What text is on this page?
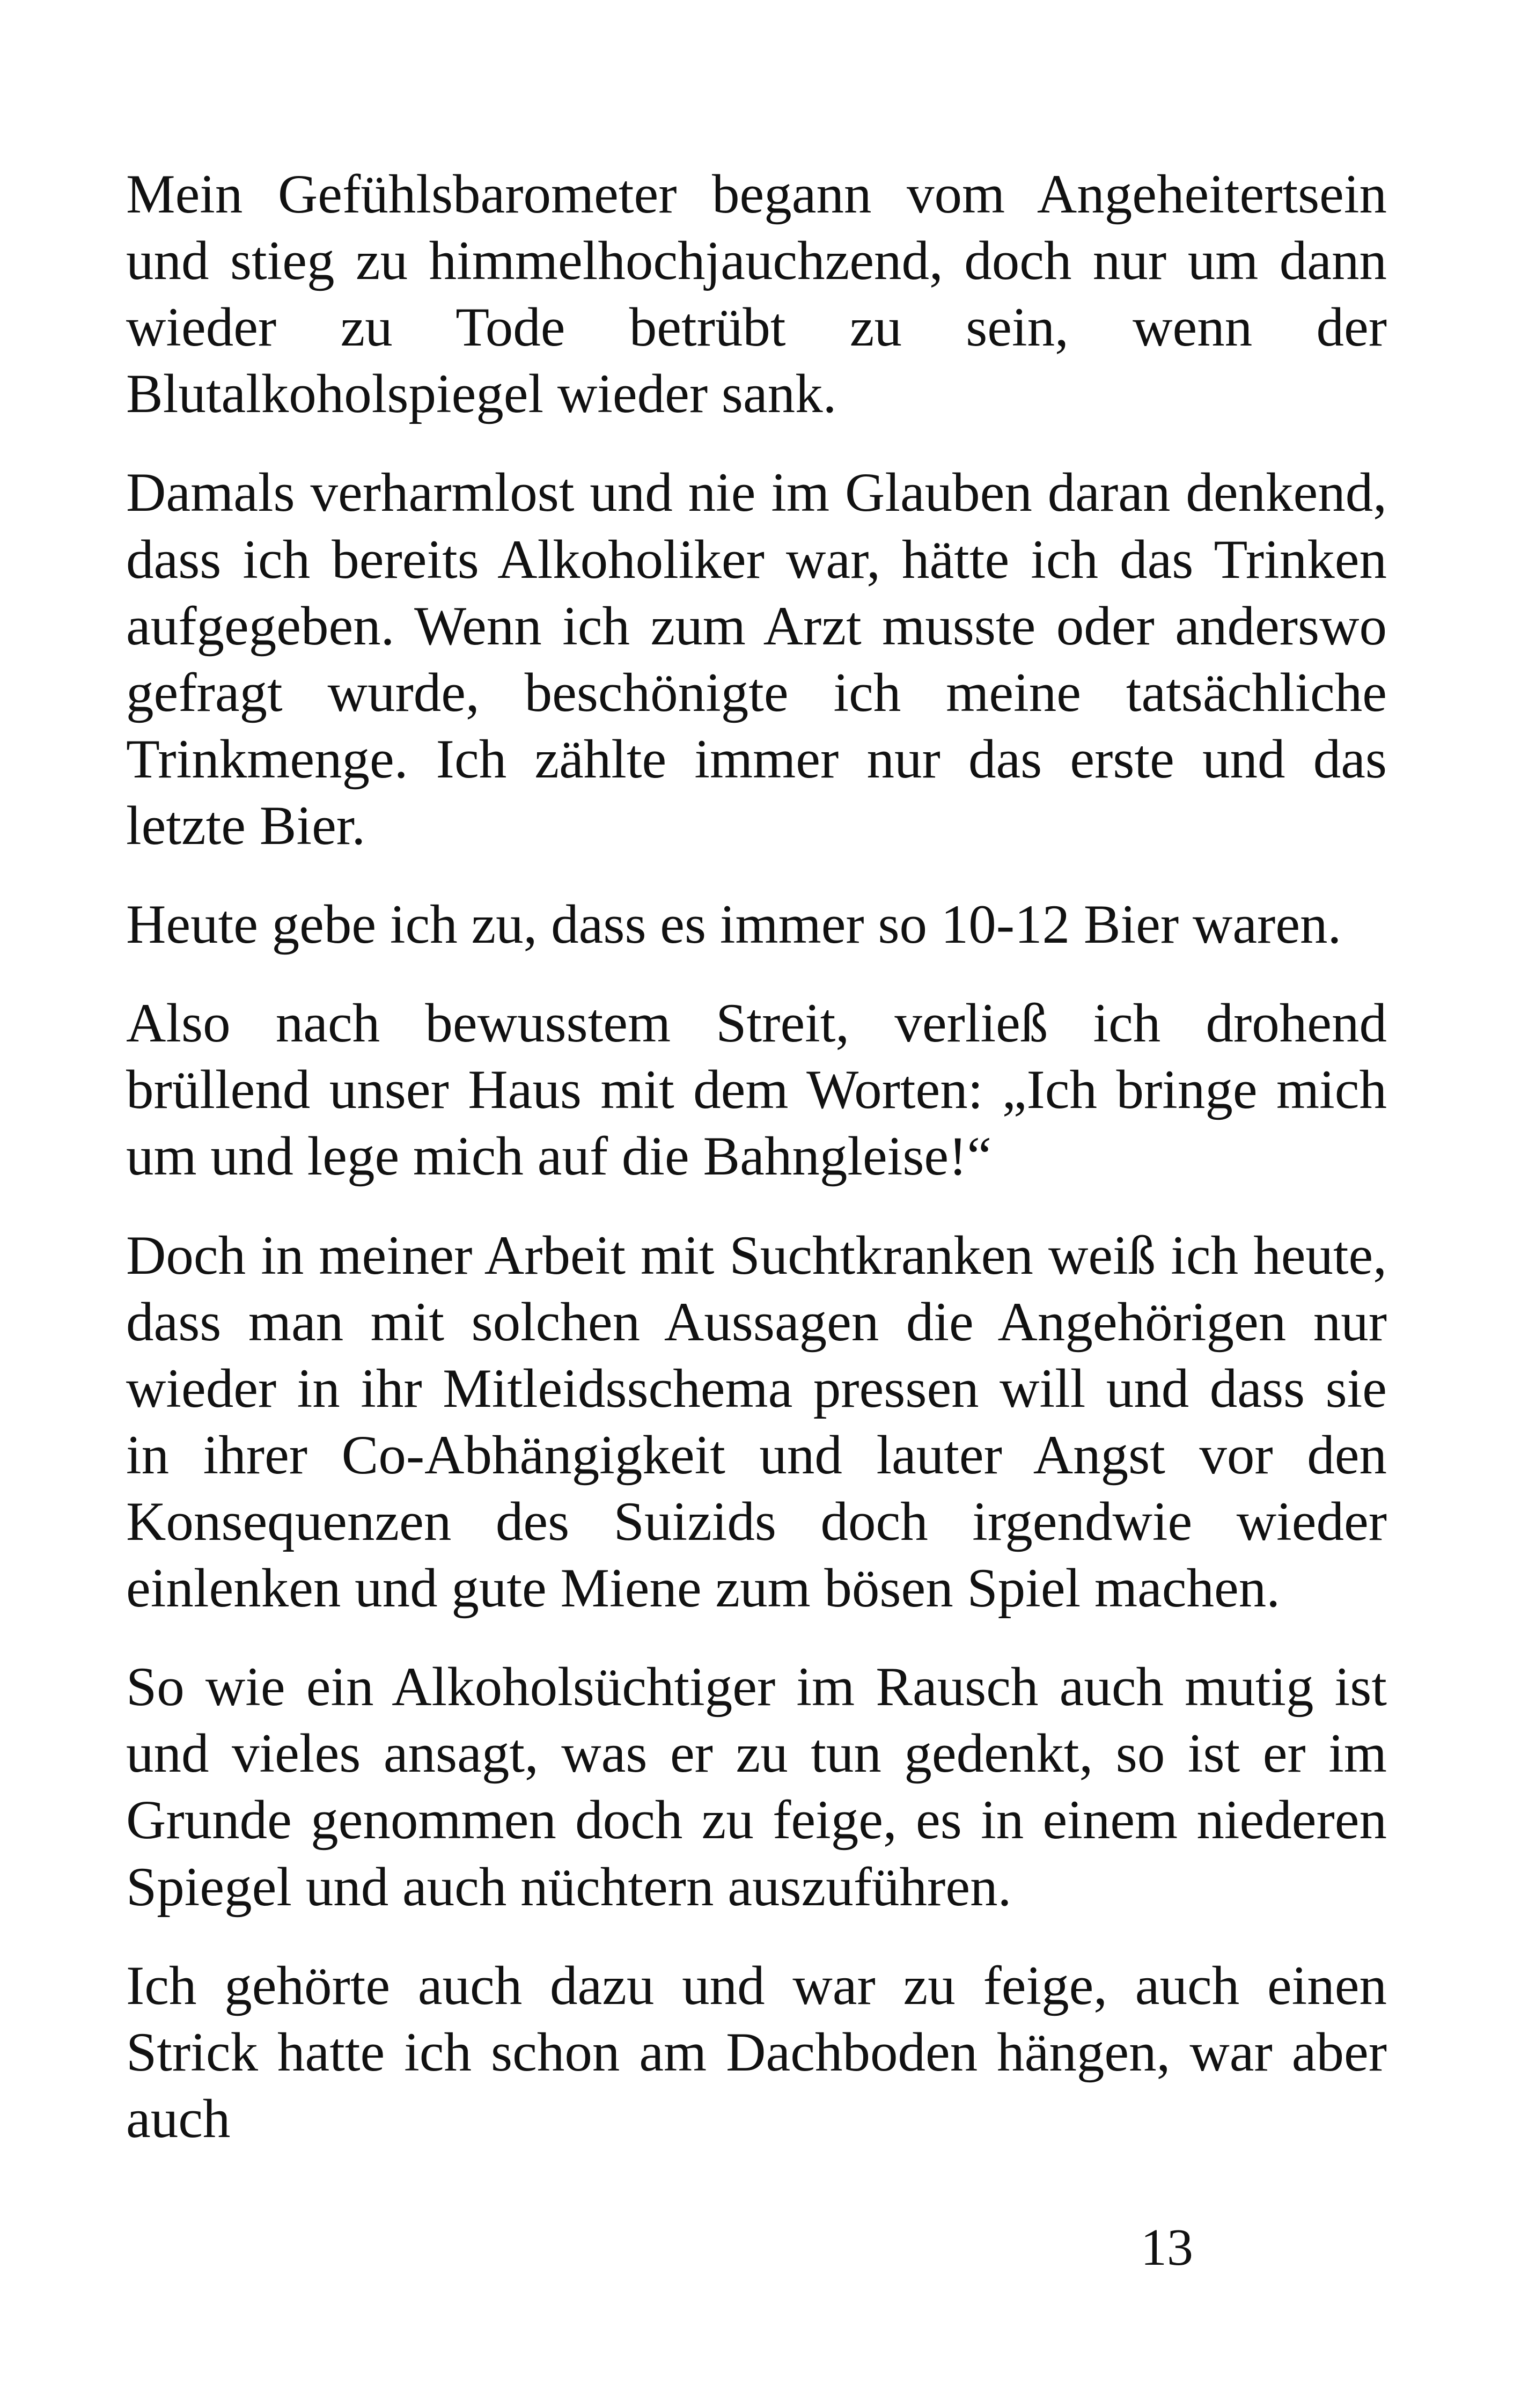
Mein Gefühlsbarometer begann vom Angeheitertsein und stieg zu himmelhochjauchzend, doch nur um dann wieder zu Tode betrübt zu sein, wenn der Blutalkoholspiegel wieder sank.

Damals verharmlost und nie im Glauben daran denkend, dass ich bereits Alkoholiker war, hätte ich das Trinken aufgegeben. Wenn ich zum Arzt musste oder anderswo gefragt wurde, beschönigte ich meine tatsächliche Trinkmenge. Ich zählte immer nur das erste und das letzte Bier.

Heute gebe ich zu, dass es immer so 10-12 Bier waren.

Also nach bewusstem Streit, verließ ich drohend brüllend unser Haus mit dem Worten: „Ich bringe mich um und lege mich auf die Bahngleise!“

Doch in meiner Arbeit mit Suchtkranken weiß ich heute, dass man mit solchen Aussagen die Angehörigen nur wieder in ihr Mitleidsschema pressen will und dass sie in ihrer Co-Abhängigkeit und lauter Angst vor den Konsequenzen des Suizids doch irgendwie wieder einlenken und gute Miene zum bösen Spiel machen.

So wie ein Alkoholsüchtiger im Rausch auch mutig ist und vieles ansagt, was er zu tun gedenkt, so ist er im Grunde genommen doch zu feige, es in einem niederen Spiegel und auch nüchtern auszuführen.

Ich gehörte auch dazu und war zu feige, auch einen Strick hatte ich schon am Dachboden hängen, war aber auch

13
